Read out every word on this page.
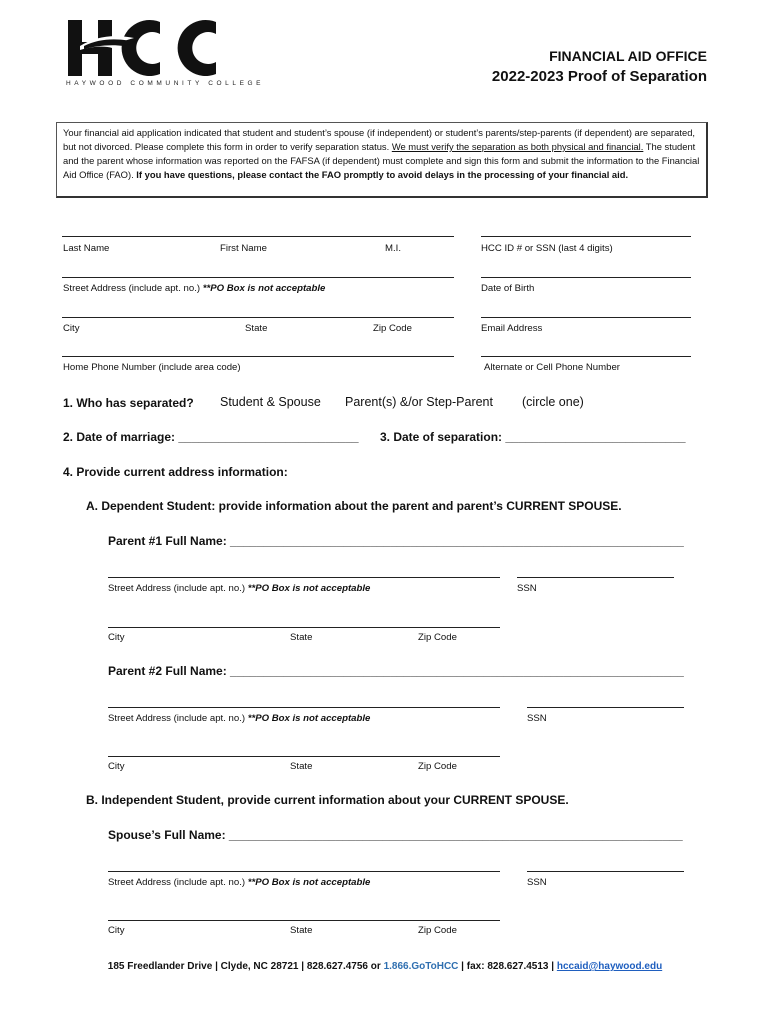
HAYWOOD COMMUNITY COLLEGE
FINANCIAL AID OFFICE
2022-2023 Proof of Separation
Your financial aid application indicated that student and student’s spouse (if independent) or student’s parents/step-parents (if dependent) are separated, but not divorced. Please complete this form in order to verify separation status. We must verify the separation as both physical and financial. The student and the parent whose information was reported on the FAFSA (if dependent) must complete and sign this form and submit the information to the Financial Aid Office (FAO). If you have questions, please contact the FAO promptly to avoid delays in the processing of your financial aid.
Last Name	First Name	M.I.	HCC ID # or SSN (last 4 digits)
Street Address (include apt. no.) **PO Box is not acceptable	Date of Birth
City	State	Zip Code	Email Address
Home Phone Number (include area code)	Alternate or Cell Phone Number
1. Who has separated? Student & Spouse Parent(s) &/or Step-Parent (circle one)
2. Date of marriage: ___________________________ 3. Date of separation: ___________________________
4. Provide current address information:
A. Dependent Student: provide information about the parent and parent’s CURRENT SPOUSE.
Parent #1 Full Name: ____________________________________________________________________
Street Address (include apt. no.) **PO Box is not acceptable	SSN
City	State	Zip Code
Parent #2 Full Name: ____________________________________________________________________
Street Address (include apt. no.) **PO Box is not acceptable	SSN
City	State	Zip Code
B. Independent Student, provide current information about your CURRENT SPOUSE.
Spouse’s Full Name: ____________________________________________________________________
Street Address (include apt. no.) **PO Box is not acceptable	SSN
City	State	Zip Code
185 Freedlander Drive | Clyde, NC 28721 | 828.627.4756 or 1.866.GoToHCC | fax: 828.627.4513 | hccaid@haywood.edu
